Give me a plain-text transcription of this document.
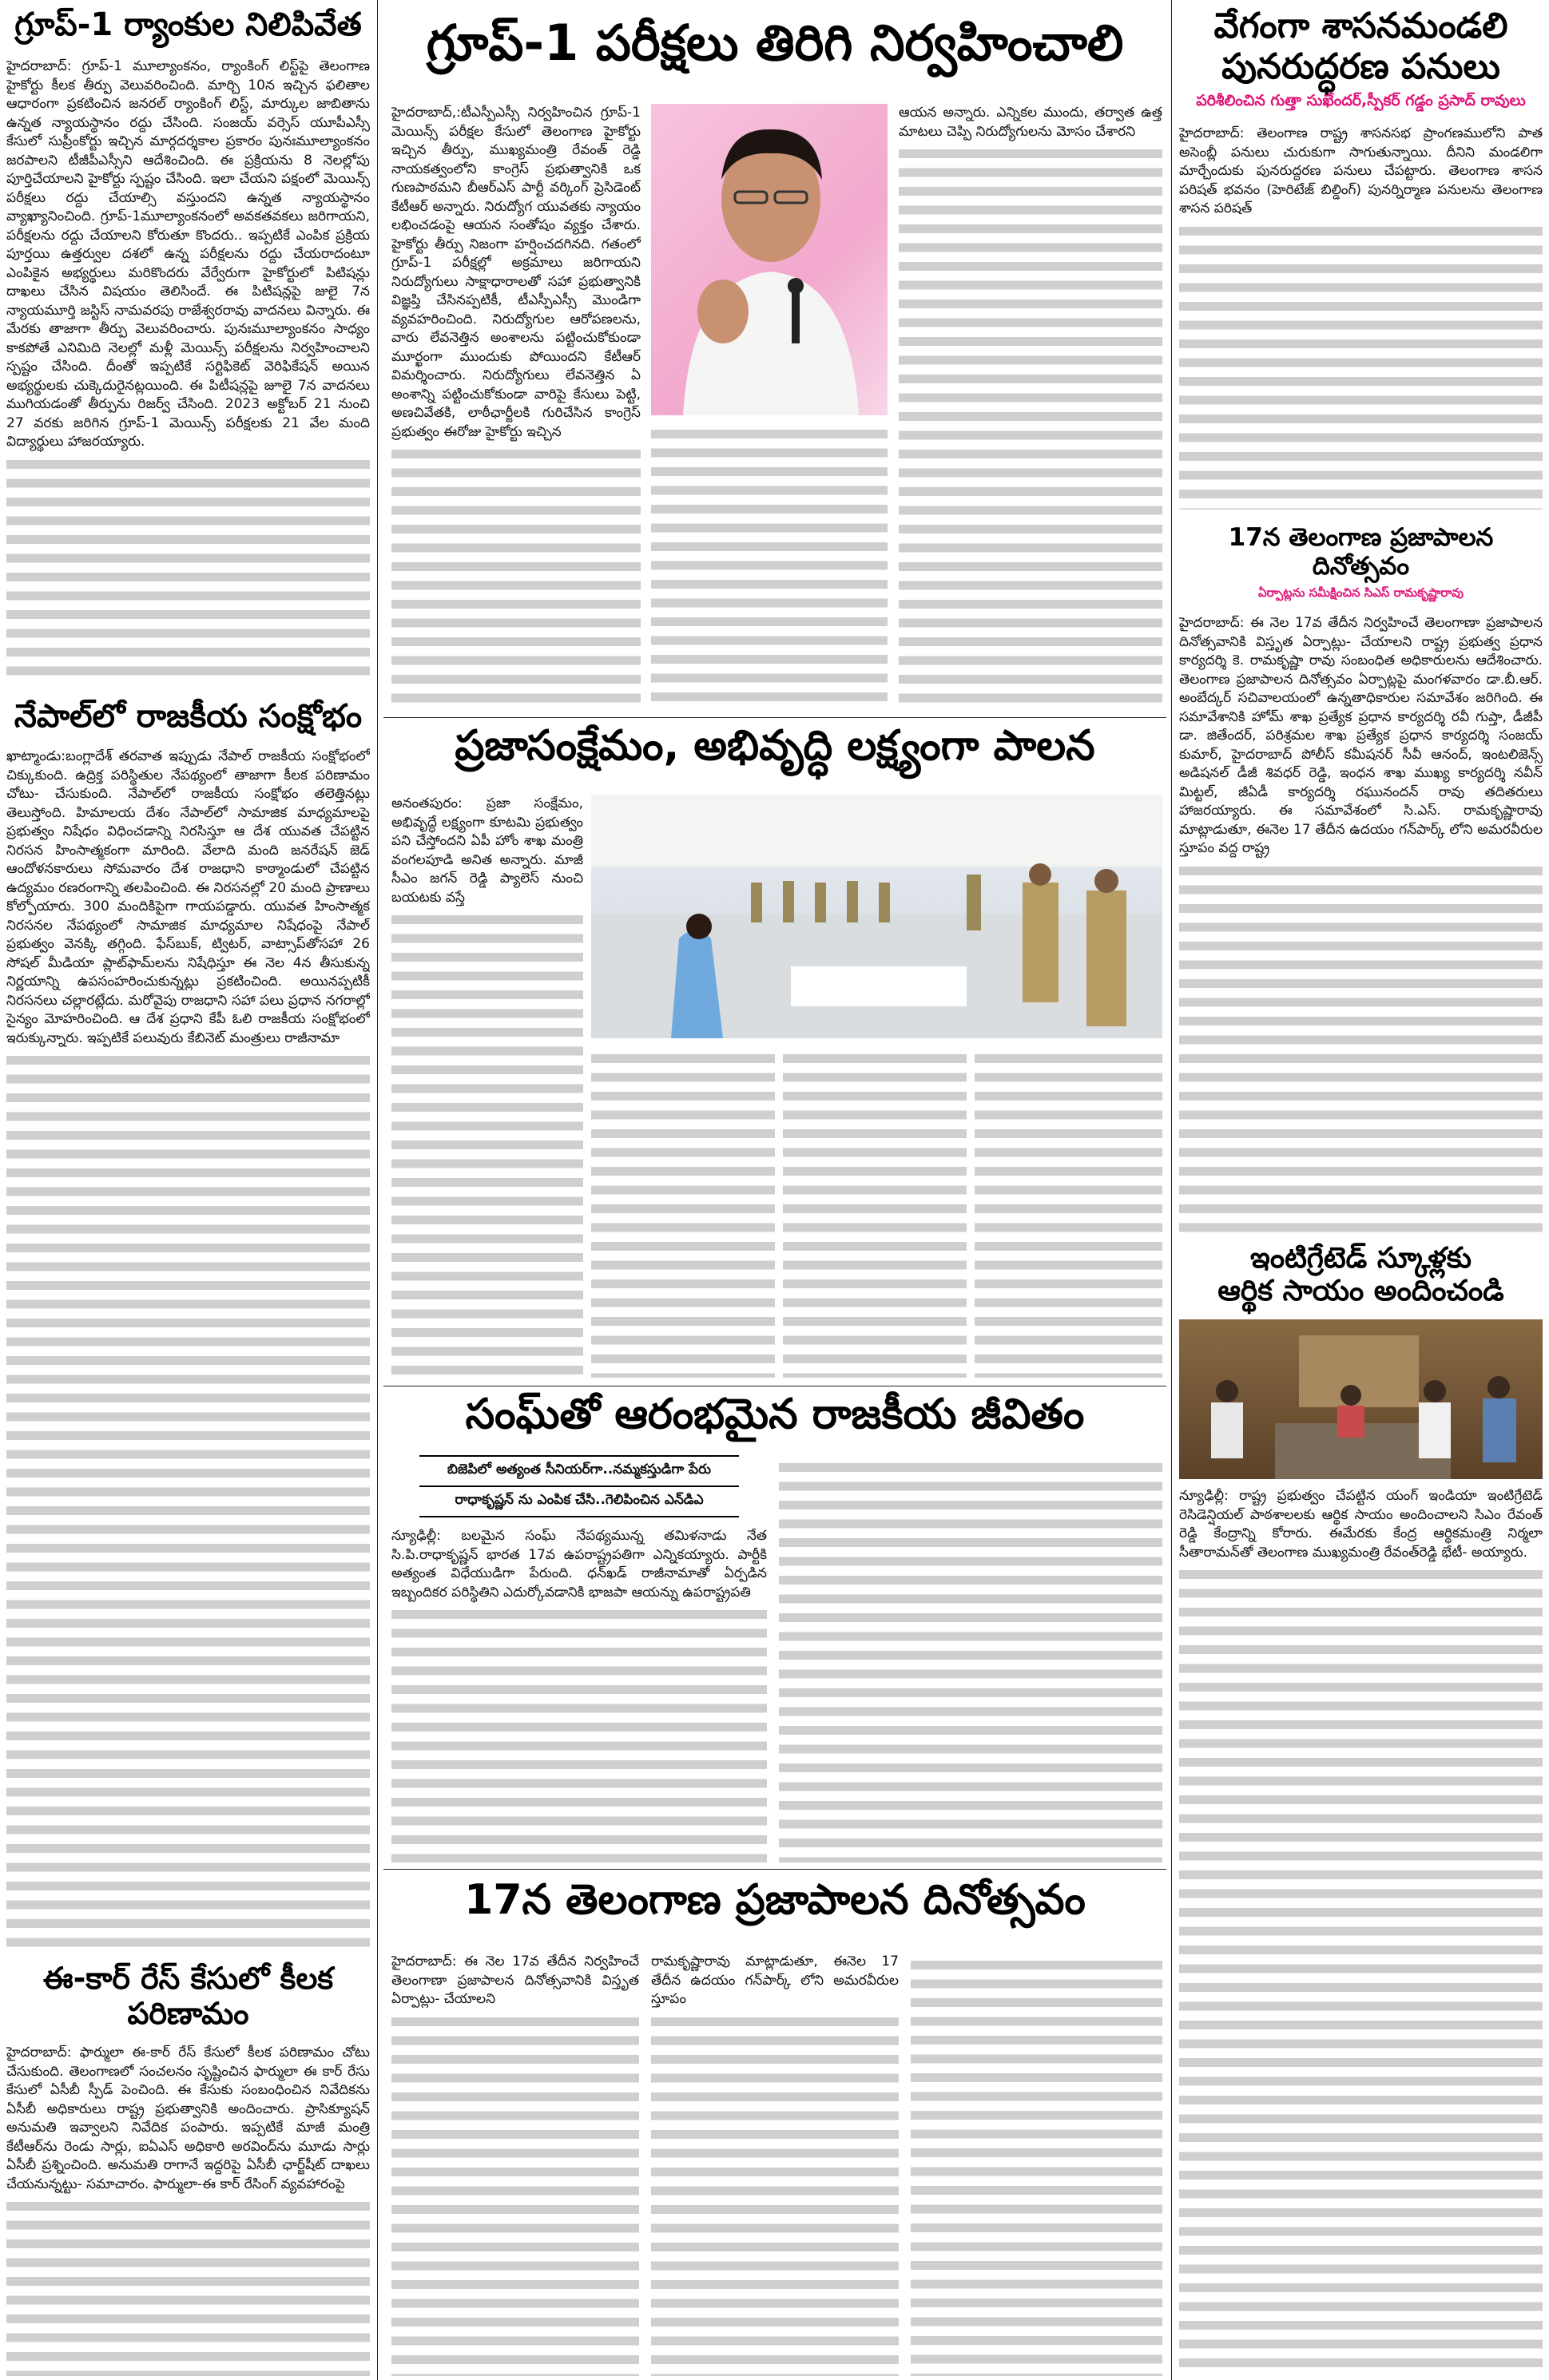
గ్రూప్-1 ర్యాంకుల నిలిపివేత

హైదరాబాద్: గ్రూప్-1 మూల్యాంకనం, ర్యాంకింగ్ లిస్ట్‌పై తెలంగాణ హైకోర్టు కీలక తీర్పు వెలువరించింది. మార్చి 10న ఇచ్చిన ఫలితాల ఆధారంగా ప్రకటించిన జనరల్ ర్యాంకింగ్ లిస్ట్, మార్కుల జాబితాను ఉన్నత న్యాయస్థానం రద్దు చేసింది. సంజయ్ వర్సెస్ యూపీఎస్సీ కేసులో సుప్రీంకోర్టు ఇచ్చిన మార్గదర్శకాల ప్రకారం పునఃమూల్యాంకనం జరపాలని టీజీపీఎస్సీని ఆదేశించింది. ఈ ప్రక్రియను 8 నెలల్లోపు పూర్తిచేయాలని హైకోర్టు స్పష్టం చేసింది. ఇలా చేయని పక్షంలో మెయిన్స్ పరీక్షలు రద్దు చేయాల్సి వస్తుందని ఉన్నత న్యాయస్థానం వ్యాఖ్యానించింది. గ్రూప్-1మూల్యాంకనంలో అవకతవకలు జరిగాయని, పరీక్షలను రద్దు చేయాలని కోరుతూ కొందరు.. ఇప్పటికే ఎంపిక ప్రక్రియ పూర్తయి ఉత్తర్వుల దశలో ఉన్న పరీక్షలను రద్దు చేయరాదంటూ ఎంపికైన అభ్యర్థులు మరికొందరు వేర్వేరుగా హైకోర్టులో పిటిషన్లు దాఖలు చేసిన విషయం తెలిసిందే. ఈ పిటిషన్లపై జులై 7న న్యాయమూర్తి జస్టిస్ నామవరపు రాజేశ్వరరావు వాదనలు విన్నారు. ఈ మేరకు తాజాగా తీర్పు వెలువరించారు. పునఃమూల్యాంకనం సాధ్యం కాకపోతే ఎనిమిది నెలల్లో మళ్లీ మెయిన్స్ పరీక్షలను నిర్వహించాలని స్పష్టం చేసింది. దీంతో ఇప్పటికే సర్టిఫికెట్ వెరిఫికేషన్ అయిన అభ్యర్థులకు చుక్కెదురైనట్లయింది. ఈ పిటీషన్లపై జూలై 7న వాదనలు ముగియడంతో తీర్పును రిజర్వ్ చేసింది. 2023 అక్టోబర్ 21 నుంచి 27 వరకు జరిగిన గ్రూప్-1 మెయిన్స్ పరీక్షలకు 21 వేల మంది విద్యార్థులు హాజరయ్యారు.

నేపాల్‌లో రాజకీయ సంక్షోభం

ఖాట్మాండు:బంగ్లాదేశ్ తరవాత ఇప్పుడు నేపాల్ రాజకీయ సంక్షోభంలో చిక్కుకుంది. ఉద్రిక్త పరిస్థితుల నేపథ్యంలో తాజాగా కీలక పరిణామం చోటు- చేసుకుంది. నేపాల్‌లో రాజకీయ సంక్షోభం తలెత్తినట్లు తెలుస్తోంది. హిమాలయ దేశం నేపాల్‌లో సామాజిక మాధ్యమాలపై ప్రభుత్వం నిషేధం విధించడాన్ని నిరసిస్తూ ఆ దేశ యువత చేపట్టిన నిరసన హింసాత్మకంగా మారింది. వేలాది మంది జనరేషన్ జెడ్ ఆందోళనకారులు సోమవారం దేశ రాజధాని కాఠ్మాండులో చేపట్టిన ఉద్యమం రణరంగాన్ని తలపించింది. ఈ నిరసనల్లో 20 మంది ప్రాణాలు కోల్పోయారు. 300 మందికిపైగా గాయపడ్డారు. యువత హింసాత్మక నిరసనల నేపథ్యంలో సామాజిక మాధ్యమాల నిషేధంపై నేపాల్ ప్రభుత్వం వెనక్కి తగ్గింది. ఫేస్‌బుక్, ట్విటర్, వాట్సాప్‌తోసహా 26 సోషల్ మీడియా ప్లాట్‌ఫామ్‌లను నిషేధిస్తూ ఈ నెల 4న తీసుకున్న నిర్ణయాన్ని ఉపసంహరించుకున్నట్లు ప్రకటించింది. అయినప్పటికీ నిరసనలు చల్లారట్లేదు. మరోవైపు రాజధాని సహా పలు ప్రధాన నగరాల్లో సైన్యం మోహరించింది. ఆ దేశ ప్రధాని కేపీ ఓలి రాజకీయ సంక్షోభంలో ఇరుక్కున్నారు. ఇప్పటికే పలువురు కేబినెట్ మంత్రులు రాజీనామా

ఈ-కార్ రేస్ కేసులో కీలక పరిణామం

హైదరాబాద్: ఫార్ములా ఈ-కార్ రేస్ కేసులో కీలక పరిణామం చోటు చేసుకుంది. తెలంగాణలో సంచలనం సృష్టించిన ఫార్ములా ఈ కార్ రేసు కేసులో ఏసీబీ స్పీడ్ పెంచింది. ఈ కేసుకు సంబంధించిన నివేదికను ఏసీబీ అధికారులు రాష్ట్ర ప్రభుత్వానికి అందించారు. ప్రాసిక్యూషన్ అనుమతి ఇవ్వాలని నివేదిక పంపారు. ఇప్పటికే మాజీ మంత్రి కేటీఆర్‌ను రెండు సార్లు, ఐఏఎస్ అధికారి అరవింద్‌ను మూడు సార్లు ఏసీబీ ప్రశ్నించింది. అనుమతి రాగానే ఇద్దరిపై ఏసీబీ ఛార్జ్‌షీట్ దాఖలు చేయనున్నట్టు- సమాచారం. ఫార్ములా-ఈ కార్ రేసింగ్ వ్యవహారంపై

గ్రూప్-1 పరీక్షలు తిరిగి నిర్వహించాలి

హైదరాబాద్,:టీఎస్పీఎస్సీ నిర్వహించిన గ్రూప్-1 మెయిన్స్ పరీక్షల కేసులో తెలంగాణ హైకోర్టు ఇచ్చిన తీర్పు, ముఖ్యమంత్రి రేవంత్ రెడ్డి నాయకత్వంలోని కాంగ్రెస్ ప్రభుత్వానికి ఒక గుణపాఠమని బీఆర్ఎస్ పార్టీ వర్కింగ్ ప్రెసిడెంట్ కేటీఆర్ అన్నారు. నిరుద్యోగ యువతకు న్యాయం లభించడంపై ఆయన సంతోషం వ్యక్తం చేశారు. హైకోర్టు తీర్పు నిజంగా హర్షించదగినది. గతంలో గ్రూప్-1 పరీక్షల్లో అక్రమాలు జరిగాయని నిరుద్యోగులు సాక్షాధారాలతో సహా ప్రభుత్వానికి విజ్ఞప్తి చేసినప్పటికీ, టీఎస్పీఎస్సీ మొండిగా వ్యవహరించింది. నిరుద్యోగుల ఆరోపణలను, వారు లేవనెత్తిన అంశాలను పట్టించుకోకుండా మూర్ఖంగా ముందుకు పోయిందని కేటీఆర్ విమర్శించారు. నిరుద్యోగులు లేవనెత్తిన ఏ అంశాన్ని పట్టించుకోకుండా వారిపై కేసులు పెట్టి, అణచివేతకి, లాఠీఛార్జీలకి గురిచేసిన కాంగ్రెస్ ప్రభుత్వం ఈరోజు హైకోర్టు ఇచ్చిన

ఆయన అన్నారు. ఎన్నికల ముందు, తర్వాత ఉత్త మాటలు చెప్పి నిరుద్యోగులను మోసం చేశారని

ప్రజాసంక్షేమం, అభివృద్ధి లక్ష్యంగా పాలన

అనంతపురం: ప్రజా సంక్షేమం, అభివృద్ధే లక్ష్యంగా కూటమి ప్రభుత్వం పని చేస్తోందని ఏపీ హోం శాఖ మంత్రి వంగలపూడి అనిత అన్నారు. మాజీ సీఎం జగన్ రెడ్డి ప్యాలెస్ నుంచి బయటకు వస్తే

సంఘ్‌తో ఆరంభమైన రాజకీయ జీవితం
బిజెపిలో అత్యంత సీనియర్‌గా..నమ్మకస్తుడిగా పేరు
రాధాకృష్ణన్ ను ఎంపిక చేసి..గెలిపించిన ఎన్‌డిఎ

న్యూఢిల్లీ: బలమైన సంఘ్ నేపథ్యమున్న తమిళనాడు నేత సి.పి.రాధాకృష్ణన్ భారత 17వ ఉపరాష్ట్రపతిగా ఎన్నికయ్యారు. పార్టీకి అత్యంత విధేయుడిగా పేరుంది. ధన్‌ఖడ్ రాజీనామాతో ఏర్పడిన ఇబ్బందికర పరిస్థితిని ఎదుర్కోవడానికి భాజపా ఆయన్ను ఉపరాష్ట్రపతి

17న తెలంగాణ ప్రజాపాలన దినోత్సవం

హైదరాబాద్: ఈ నెల 17వ తేదీన నిర్వహించే తెలంగాణా ప్రజాపాలన దినోత్సవానికి విస్తృత ఏర్పాట్లు- చేయాలని

రామకృష్ణారావు మాట్లాడుతూ, ఈనెల 17 తేదీన ఉదయం గన్‌పార్క్ లోని అమరవీరుల స్తూపం

వేగంగా శాసనమండలి పునరుద్ధరణ పనులు
పరిశీలించిన గుత్తా సుఖేందర్,స్పీకర్ గడ్డం ప్రసాద్ రావులు

హైదరాబాద్: తెలంగాణ రాష్ట్ర శాసనసభ ప్రాంగణములోని పాత అసెంబ్లీ పనులు చురుకుగా సాగుతున్నాయి. దీనిని మండలిగా మార్చేందుకు పునరుద్దరణ పనులు చేపట్టారు. తెలంగాణ శాసన పరిషత్ భవనం (హెరిటేజ్ బిల్డింగ్) పునర్నిర్మాణ పనులను తెలంగాణ శాసన పరిషత్

17న తెలంగాణ ప్రజాపాలన దినోత్సవం
ఏర్పాట్లను సమీక్షించిన సిఎస్ రామకృష్ణారావు

హైదరాబాద్: ఈ నెల 17వ తేదీన నిర్వహించే తెలంగాణా ప్రజాపాలన దినోత్సవానికి విస్తృత ఏర్పాట్లు- చేయాలని రాష్ట్ర ప్రభుత్వ ప్రధాన కార్యదర్శి కె. రామకృష్ణా రావు సంబంధిత అధికారులను ఆదేశించారు. తెలంగాణ ప్రజాపాలన దినోత్సవం ఏర్పాట్లపై మంగళవారం డా.బీ.ఆర్. అంబేద్కర్ సచివాలయంలో ఉన్నతాధికారుల సమావేశం జరిగింది. ఈ సమావేశానికి హోమ్ శాఖ ప్రత్యేక ప్రధాన కార్యదర్శి రవీ గుప్తా, డీజీపీ డా. జితేందర్, పరిశ్రమల శాఖ ప్రత్యేక ప్రధాన కార్యదర్శి సంజయ్ కుమార్, హైదరాబాద్ పోలీస్ కమీషనర్ సీవీ ఆనంద్, ఇంటలిజెన్స్ అడిషనల్ డీజీ శివధర్ రెడ్డి, ఇంధన శాఖ ముఖ్య కార్యదర్శి నవీన్ మిట్టల్, జీఏడీ కార్యదర్శి రఘునందన్ రావు తదితరులు హాజరయ్యారు. ఈ సమావేశంలో సి.ఎస్. రామకృష్ణారావు మాట్లాడుతూ, ఈనెల 17 తేదీన ఉదయం గన్‌పార్క్ లోని అమరవీరుల స్తూపం వద్ద రాష్ట్ర

ఇంటిగ్రేటెడ్ స్కూళ్లకు
ఆర్థిక సాయం అందించండి

న్యూఢిల్లీ: రాష్ట్ర ప్రభుత్వం చేపట్టిన యంగ్ ఇండియా ఇంటిగ్రేటెడ్ రెసిడెన్షియల్ పాఠశాలలకు ఆర్థిక సాయం అందించాలని సిఎం రేవంత్ రెడ్డి కేంద్రాన్ని కోరారు. ఈమేరకు కేంద్ర ఆర్థికమంత్రి నిర్మలా సీతారామన్‌తో తెలంగాణ ముఖ్యమంత్రి రేవంత్‌రెడ్డి భేటీ- అయ్యారు.
